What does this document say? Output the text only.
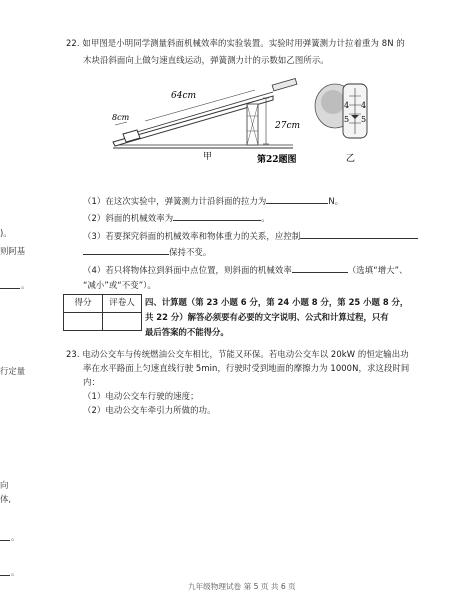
)。
则阿基
。
行定量
向
体,
。
。
22. 如甲图是小明同学测量斜面机械效率的实验装置。实验时用弹簧测力计拉着重为 8N 的
木块沿斜面向上做匀速直线运动，弹簧测力计的示数如乙图所示。
64cm
8cm
27cm
甲	第22题图
4 4
5 5
乙
（1）在这次实验中，弹簧测力计沿斜面的拉力为	N。
（2）斜面的机械效率为	。
（3）若要探究斜面的机械效率和物体重力的关系，应控制
保持不变。
（4）若只将物体拉到斜面中点位置，则斜面的机械效率	（选填“增大”、
“减小”或“不变”）。
得分	评卷人
	四、计算题（第 23 小题 6 分，第 24 小题 8 分，第 25 小题 8 分，
共 22 分）解答必须要有必要的文字说明、公式和计算过程，只有
最后答案的不能得分。
23. 电动公交车与传统燃油公交车相比，节能又环保。若电动公交车以 20kW 的恒定输出功
率在水平路面上匀速直线行驶 5min，行驶时受到地面的摩擦力为 1000N，求这段时间
内：
（1）电动公交车行驶的速度；
（2）电动公交车牵引力所做的功。
九年级物理试卷 第 5 页 共 6 页
